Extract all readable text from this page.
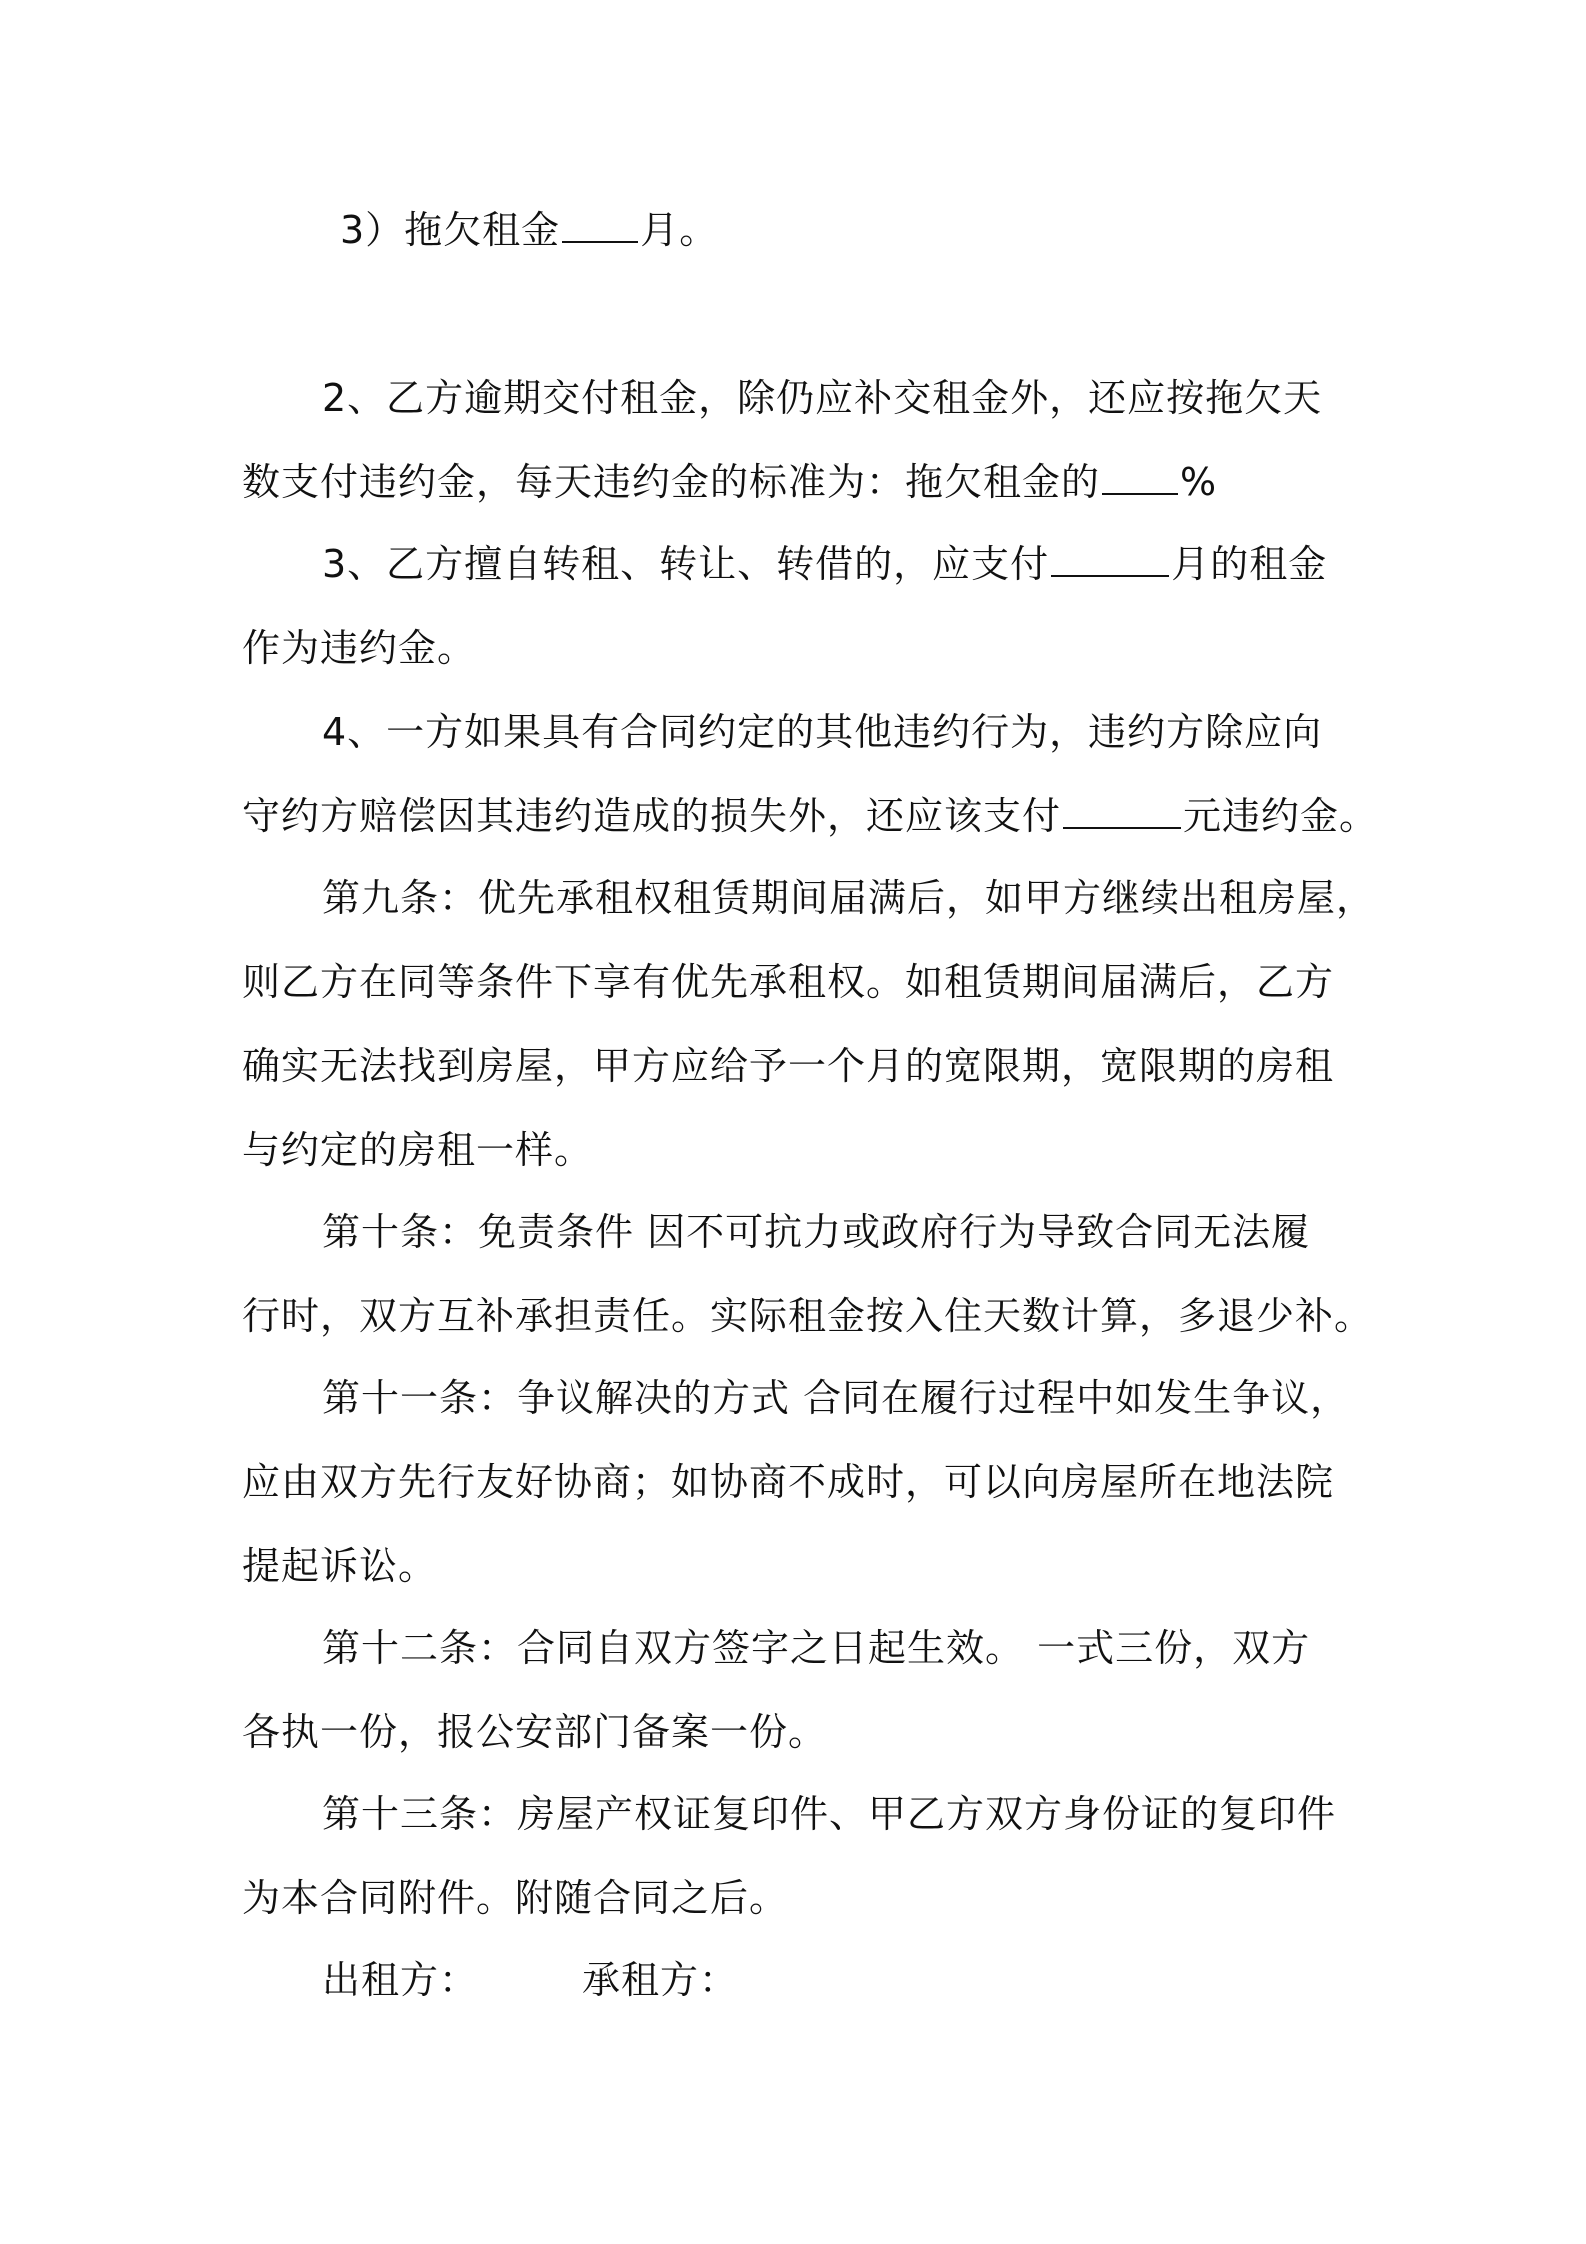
3）拖欠租金 月。
2、乙方逾期交付租金，除仍应补交租金外，还应按拖欠天
数支付违约金，每天违约金的标准为：拖欠租金的 %
3、乙方擅自转租、转让、转借的，应支付	月的租金
作为违约金。
4、一方如果具有合同约定的其他违约行为，违约方除应向
守约方赔偿因其违约造成的损失外，还应该支付	元违约金。
第九条：优先承租权租赁期间届满后，如甲方继续出租房屋，
则乙方在同等条件下享有优先承租权。如租赁期间届满后，乙方
确实无法找到房屋，甲方应给予一个月的宽限期，宽限期的房租
与约定的房租一样。
第十条：免责条件 因不可抗力或政府行为导致合同无法履
行时，双方互补承担责任。实际租金按入住天数计算，多退少补。
第十一条：争议解决的方式 合同在履行过程中如发生争议，
应由双方先行友好协商；如协商不成时，可以向房屋所在地法院
提起诉讼。
第十二条：合同自双方签字之日起生效。 一式三份，双方
各执一份，报公安部门备案一份。
第十三条：房屋产权证复印件、甲乙方双方身份证的复印件
为本合同附件。附随合同之后。
出租方：	承租方：
